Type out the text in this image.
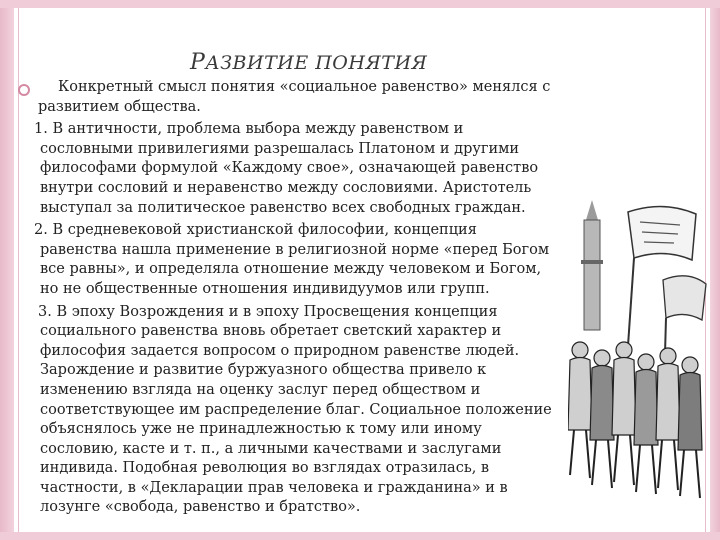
РАЗВИТИЕ ПОНЯТИЯ
Конкретный смысл понятия «социальное равенство» менялся с
развитием общества.
1. В античности, проблема выбора между равенством и
сословными привилегиями разрешалась Платоном и другими
философами формулой «Каждому свое», означающей равенство
внутри сословий и неравенство между сословиями. Аристотель
выступал за политическое равенство всех свободных граждан.
2. В средневековой христианской философии, концепция
равенства нашла применение в религиозной норме «перед Богом
все равны», и определяла отношение между человеком и Богом,
но не общественные отношения индивидуумов или групп.
3. В эпоху Возрождения и в эпоху Просвещения концепция
социального равенства вновь обретает светский характер и
философия задается вопросом о природном равенстве людей.
Зарождение и развитие буржуазного общества привело к
изменению взгляда на оценку заслуг перед обществом и
соответствующее им распределение благ. Социальное положение
объяснялось уже не принадлежностью к тому или иному
сословию, касте и т. п., а личными качествами и заслугами
индивида. Подобная революция во взглядах отразилась, в
частности, в «Декларации прав человека и гражданина» и в
лозунге «свобода, равенство и братство».
